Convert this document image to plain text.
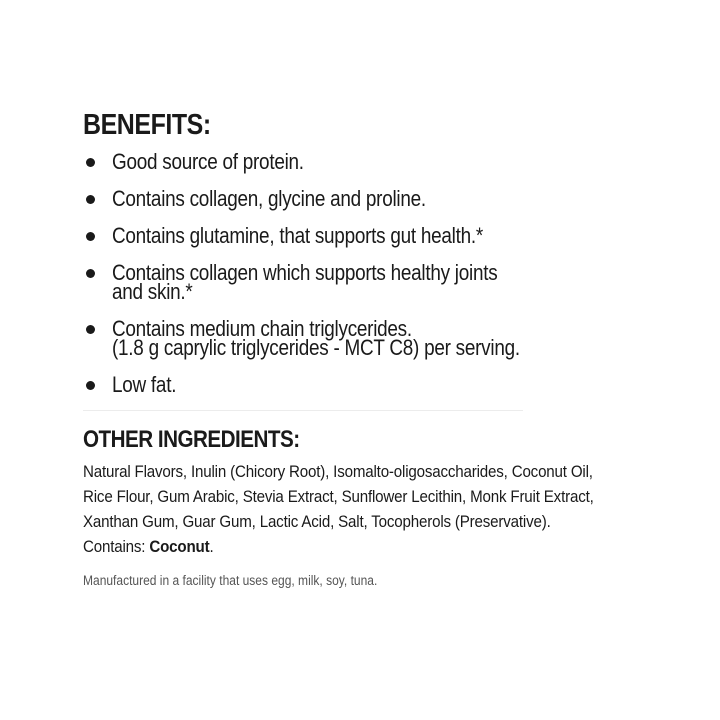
BENEFITS:
Good source of protein.
Contains collagen, glycine and proline.
Contains glutamine, that supports gut health.*
Contains collagen which supports healthy joints
and skin.*
Contains medium chain triglycerides.
(1.8 g caprylic triglycerides - MCT C8) per serving.
Low fat.
OTHER INGREDIENTS:
Natural Flavors, Inulin (Chicory Root), Isomalto-oligosaccharides, Coconut Oil,
Rice Flour, Gum Arabic, Stevia Extract, Sunflower Lecithin, Monk Fruit Extract,
Xanthan Gum, Guar Gum, Lactic Acid, Salt, Tocopherols (Preservative).
Contains: Coconut.
Manufactured in a facility that uses egg, milk, soy, tuna.
